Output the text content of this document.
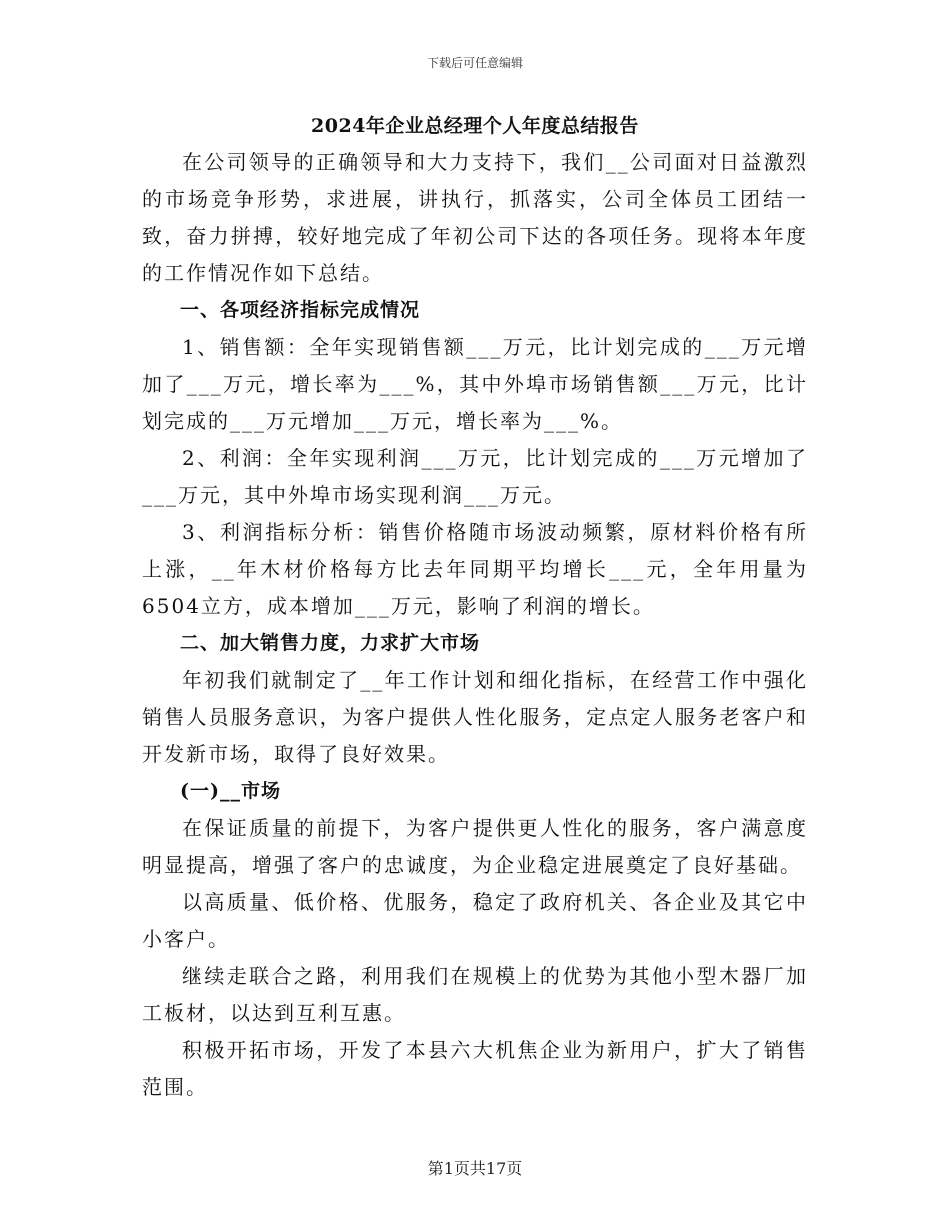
下载后可任意编辑
2024年企业总经理个人年度总结报告

在公司领导的正确领导和大力支持下，我们__公司面对日益激烈的市场竞争形势，求进展，讲执行，抓落实，公司全体员工团结一致，奋力拼搏，较好地完成了年初公司下达的各项任务。现将本年度的工作情况作如下总结。

一、各项经济指标完成情况

1、销售额：全年实现销售额___万元，比计划完成的___万元增加了___万元，增长率为___%，其中外埠市场销售额___万元，比计划完成的___万元增加___万元，增长率为___%。

2、利润：全年实现利润___万元，比计划完成的___万元增加了___万元，其中外埠市场实现利润___万元。

3、利润指标分析：销售价格随市场波动频繁，原材料价格有所上涨，__年木材价格每方比去年同期平均增长___元，全年用量为6504立方，成本增加___万元，影响了利润的增长。

二、加大销售力度，力求扩大市场

年初我们就制定了__年工作计划和细化指标，在经营工作中强化销售人员服务意识，为客户提供人性化服务，定点定人服务老客户和开发新市场，取得了良好效果。

(一)__市场

在保证质量的前提下，为客户提供更人性化的服务，客户满意度明显提高，增强了客户的忠诚度，为企业稳定进展奠定了良好基础。

以高质量、低价格、优服务，稳定了政府机关、各企业及其它中小客户。

继续走联合之路，利用我们在规模上的优势为其他小型木器厂加工板材，以达到互利互惠。

积极开拓市场，开发了本县六大机焦企业为新用户，扩大了销售范围。

第1页共17页
